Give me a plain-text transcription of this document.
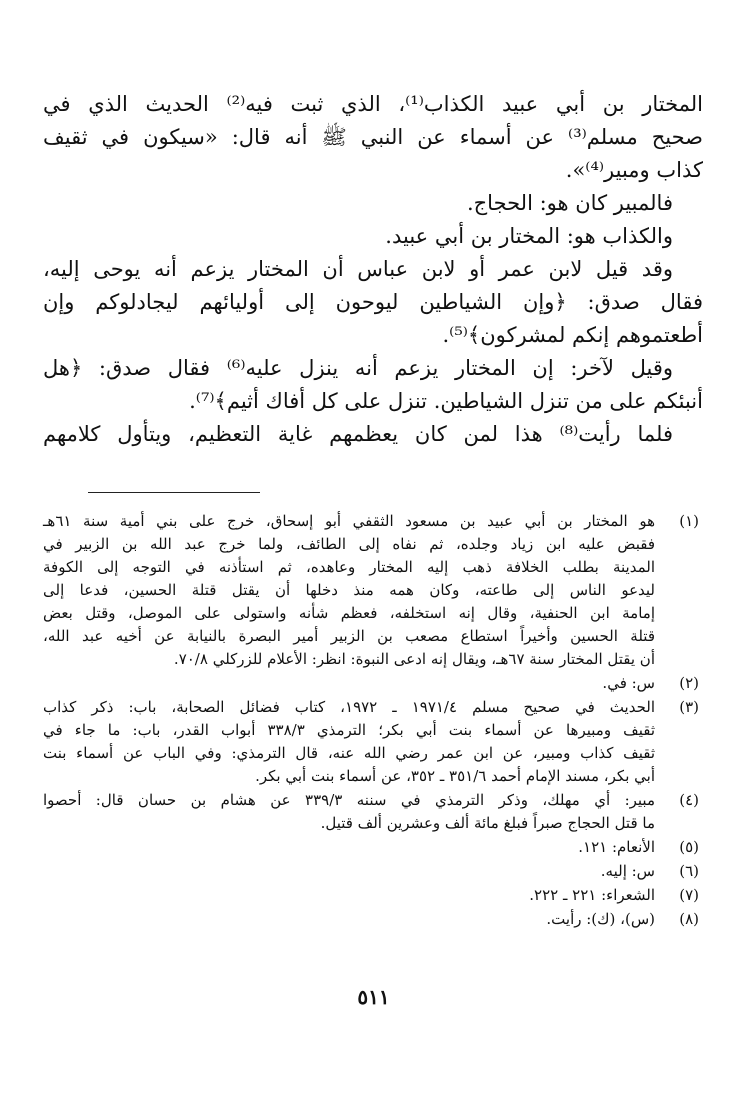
المختار بن أبي عبيد الكذاب⁽¹⁾، الذي ثبت فيه⁽²⁾ الحديث الذي في
صحيح مسلم⁽³⁾ عن أسماء عن النبي ﷺ أنه قال: «سيكون في ثقيف
كذاب ومبير⁽⁴⁾».
فالمبير كان هو: الحجاج.
والكذاب هو: المختار بن أبي عبيد.
وقد قيل لابن عمر أو لابن عباس أن المختار يزعم أنه يوحى إليه،
فقال صدق: ﴿وإن الشياطين ليوحون إلى أوليائهم ليجادلوكم وإن
أطعتموهم إنكم لمشركون﴾⁽⁵⁾.
وقيل لآخر: إن المختار يزعم أنه ينزل عليه⁽⁶⁾ فقال صدق: ﴿هل
أنبئكم على من تنزل الشياطين. تنزل على كل أفاك أثيم﴾⁽⁷⁾.
فلما رأيت⁽⁸⁾ هذا لمن كان يعظمهم غاية التعظيم، ويتأول كلامهم
(١)
هو المختار بن أبي عبيد بن مسعود الثقفي أبو إسحاق، خرج على بني أمية سنة ٦١هـ
فقبض عليه ابن زياد وجلده، ثم نفاه إلى الطائف، ولما خرج عبد الله بن الزبير في
المدينة بطلب الخلافة ذهب إليه المختار وعاهده، ثم استأذنه في التوجه إلى الكوفة
ليدعو الناس إلى طاعته، وكان همه منذ دخلها أن يقتل قتلة الحسين، فدعا إلى
إمامة ابن الحنفية، وقال إنه استخلفه، فعظم شأنه واستولى على الموصل، وقتل بعض
قتلة الحسين وأخيراً استطاع مصعب بن الزبير أمير البصرة بالنيابة عن أخيه عبد الله،
أن يقتل المختار سنة ٦٧هـ، ويقال إنه ادعى النبوة: انظر: الأعلام للزركلي ٧٠/٨.
(٢)
س: في.
(٣)
الحديث في صحيح مسلم ١٩٧١/٤ ـ ١٩٧٢، كتاب فضائل الصحابة، باب: ذكر كذاب
ثقيف ومبيرها عن أسماء بنت أبي بكر؛ الترمذي ٣٣٨/٣ أبواب القدر، باب: ما جاء في
ثقيف كذاب ومبير، عن ابن عمر رضي الله عنه، قال الترمذي: وفي الباب عن أسماء بنت
أبي بكر، مسند الإمام أحمد ٣٥١/٦ ـ ٣٥٢، عن أسماء بنت أبي بكر.
(٤)
مبير: أي مهلك، وذكر الترمذي في سننه ٣٣٩/٣ عن هشام بن حسان قال: أحصوا
ما قتل الحجاج صبراً فبلغ مائة ألف وعشرين ألف قتيل.
(٥)
الأنعام: ١٢١.
(٦)
س: إليه.
(٧)
الشعراء: ٢٢١ ـ ٢٢٢.
(٨)
(س)، (ك): رأيت.
٥١١
